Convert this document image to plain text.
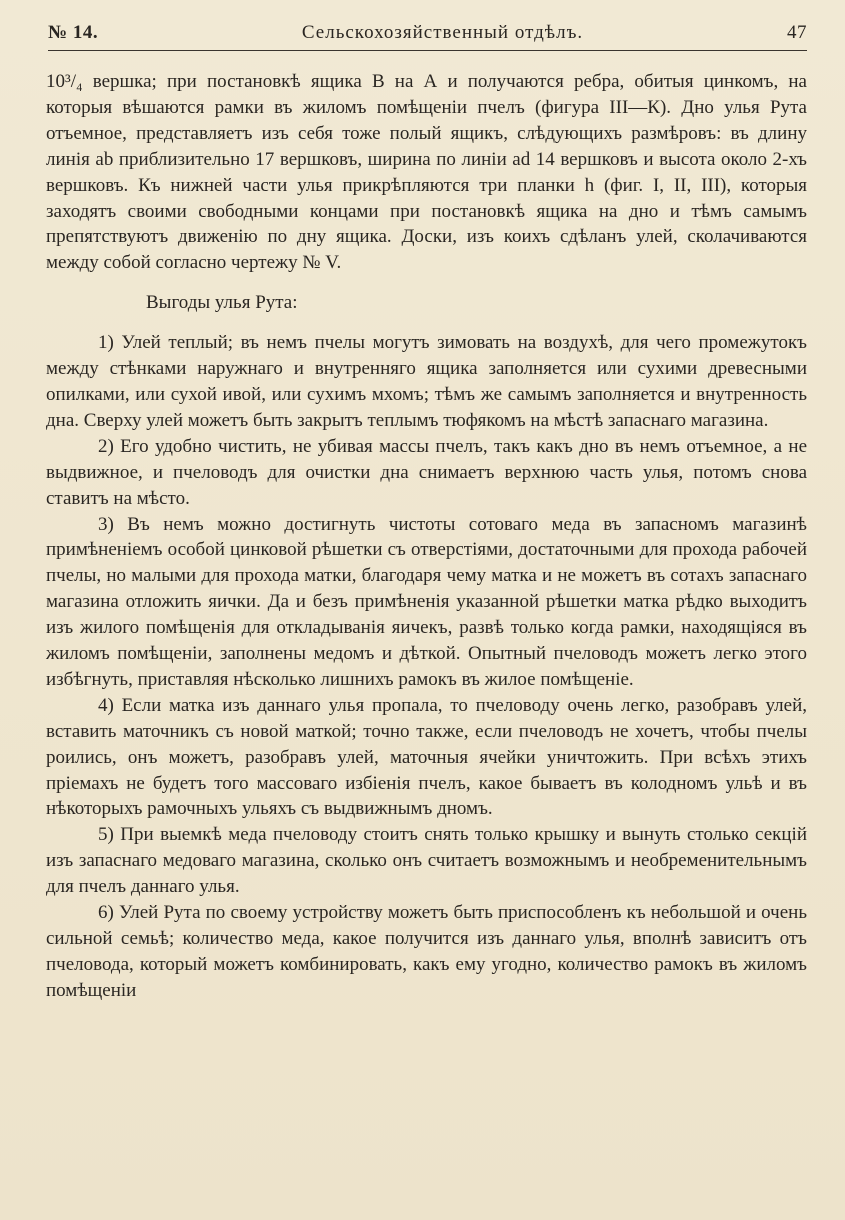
№ 14.	Сельскохозяйственный отдѣлъ.	47

10³/₄ вершка; при постановкѣ ящика В на А и получаются ребра, обитыя цинкомъ, на которыя вѣшаются рамки въ жиломъ помѣщеніи пчелъ (фигура III—К). Дно улья Рута отъемное, представляетъ изъ себя тоже полый ящикъ, слѣдующихъ размѣровъ: въ длину линія ab приблизительно 17 вершковъ, ширина по линіи ad 14 вершковъ и высота около 2-хъ вершковъ. Къ нижней части улья прикрѣпляются три планки h (фиг. I, II, III), которыя заходятъ своими свободными концами при постановкѣ ящика на дно и тѣмъ самымъ препятствуютъ движенію по дну ящика. Доски, изъ коихъ сдѣланъ улей, сколачиваются между собой согласно чертежу № V.

Выгоды улья Рута:

1) Улей теплый; въ немъ пчелы могутъ зимовать на воздухѣ, для чего промежутокъ между стѣнками наружнаго и внутренняго ящика заполняется или сухими древесными опилками, или сухой ивой, или сухимъ мхомъ; тѣмъ же самымъ заполняется и внутренность дна. Сверху улей можетъ быть закрытъ теплымъ тюфякомъ на мѣстѣ запаснаго магазина.

2) Его удобно чистить, не убивая массы пчелъ, такъ какъ дно въ немъ отъемное, а не выдвижное, и пчеловодъ для очистки дна снимаетъ верхнюю часть улья, потомъ снова ставитъ на мѣсто.

3) Въ немъ можно достигнуть чистоты сотоваго меда въ запасномъ магазинѣ примѣненіемъ особой цинковой рѣшетки съ отверстіями, достаточными для прохода рабочей пчелы, но малыми для прохода матки, благодаря чему матка и не можетъ въ сотахъ запаснаго магазина отложить яички. Да и безъ примѣненія указанной рѣшетки матка рѣдко выходитъ изъ жилого помѣщенія для откладыванія яичекъ, развѣ только когда рамки, находящіяся въ жиломъ помѣщеніи, заполнены медомъ и дѣткой. Опытный пчеловодъ можетъ легко этого избѣгнуть, приставляя нѣсколько лишнихъ рамокъ въ жилое помѣщеніе.

4) Если матка изъ даннаго улья пропала, то пчеловоду очень легко, разобравъ улей, вставить маточникъ съ новой маткой; точно также, если пчеловодъ не хочетъ, чтобы пчелы роились, онъ можетъ, разобравъ улей, маточныя ячейки уничтожить. При всѣхъ этихъ пріемахъ не будетъ того массоваго избіенія пчелъ, какое бываетъ въ колодномъ ульѣ и въ нѣкоторыхъ рамочныхъ ульяхъ съ выдвижнымъ дномъ.

5) При выемкѣ меда пчеловоду стоитъ снять только крышку и вынуть столько секцій изъ запаснаго медоваго магазина, сколько онъ считаетъ возможнымъ и необременительнымъ для пчелъ даннаго улья.

6) Улей Рута по своему устройству можетъ быть приспособленъ къ небольшой и очень сильной семьѣ; количество меда, какое получится изъ даннаго улья, вполнѣ зависитъ отъ пчеловода, который можетъ комбинировать, какъ ему угодно, количество рамокъ въ жиломъ помѣщеніи
